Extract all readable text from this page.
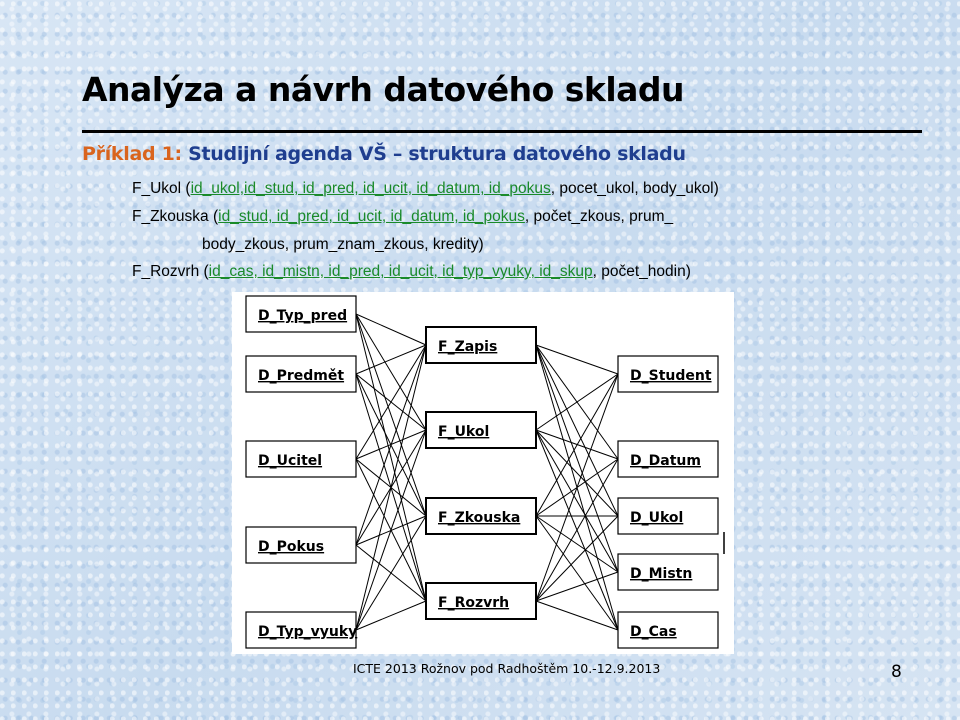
Analýza a návrh datového skladu
Příklad 1: Studijní agenda VŠ – struktura datového skladu
F_Ukol (id_ukol,id_stud, id_pred, id_ucit, id_datum, id_pokus, pocet_ukol, body_ukol)
F_Zkouska (id_stud, id_pred, id_ucit, id_datum, id_pokus, počet_zkous, prum_
body_zkous, prum_znam_zkous, kredity)
F_Rozvrh (id_cas, id_mistn, id_pred, id_ucit, id_typ_vyuky, id_skup, počet_hodin)
D_Typ_pred
D_Predmět
D_Ucitel
D_Pokus
D_Typ_vyuky
F_Zapis
F_Ukol
F_Zkouska
F_Rozvrh
D_Student
D_Datum
D_Ukol
D_Mistn
D_Cas
ICTE 2013 Rožnov pod Radhoštěm 10.-12.9.2013	8
